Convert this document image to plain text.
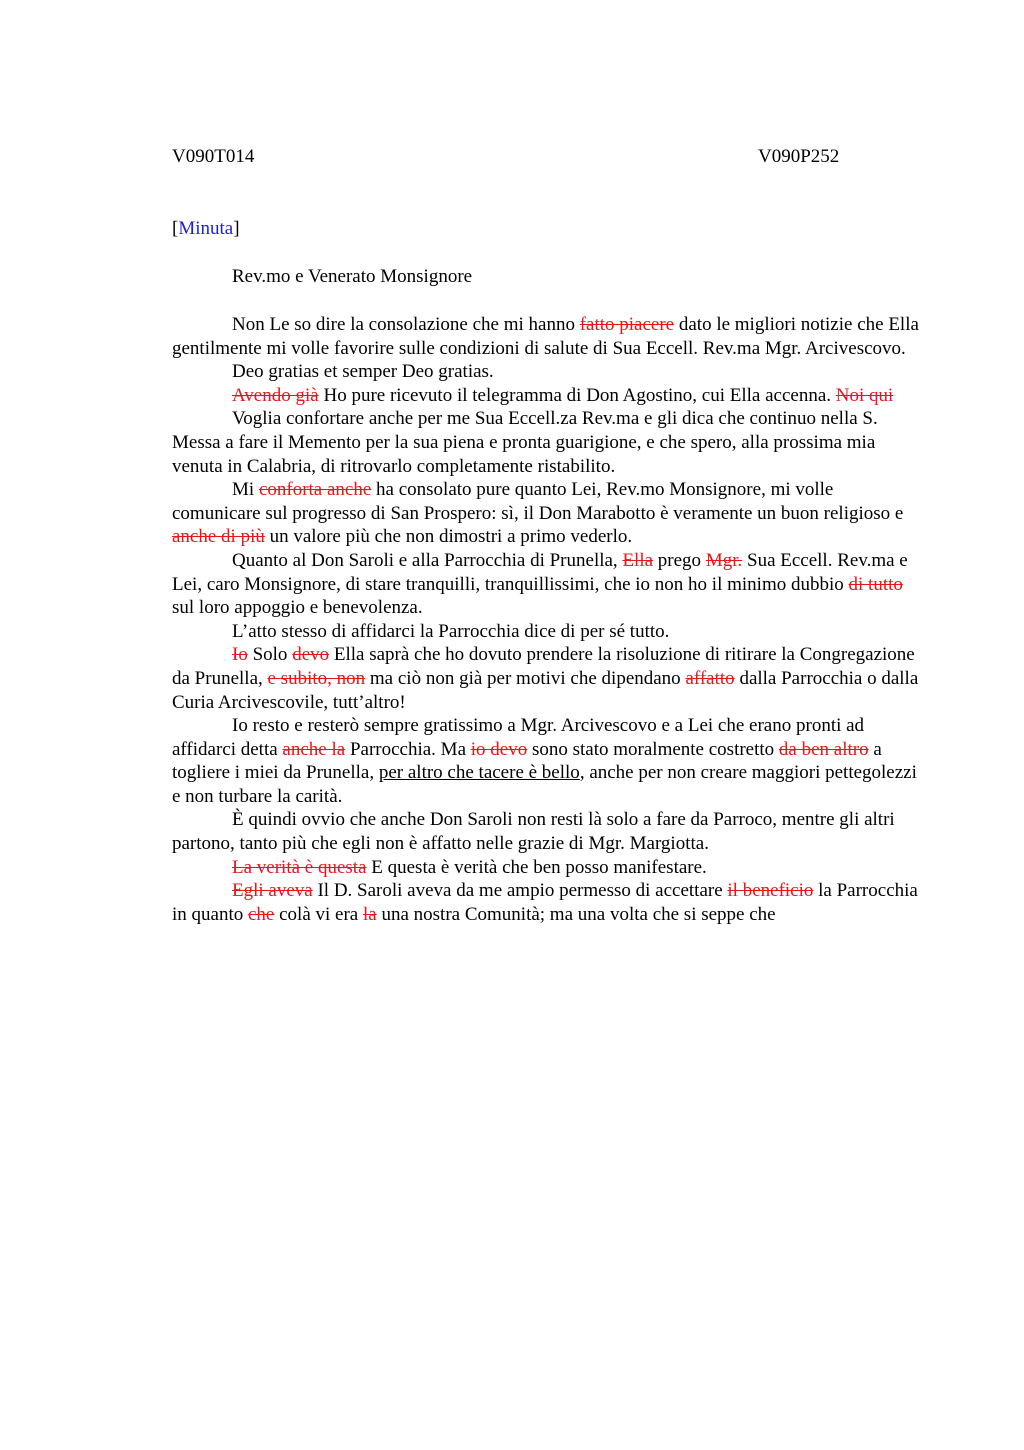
V090T014	V090P252
[Minuta]
Rev.mo e Venerato Monsignore

Non Le so dire la consolazione che mi hanno fatto piacere dato le migliori notizie che Ella gentilmente mi volle favorire sulle condizioni di salute di Sua Eccell. Rev.ma Mgr. Arcivescovo.

Deo gratias et semper Deo gratias.

Avendo già Ho pure ricevuto il telegramma di Don Agostino, cui Ella accenna. Noi qui

Voglia confortare anche per me Sua Eccell.za Rev.ma e gli dica che continuo nella S. Messa a fare il Memento per la sua piena e pronta guarigione, e che spero, alla prossima mia venuta in Calabria, di ritrovarlo completamente ristabilito.

Mi conforta anche ha consolato pure quanto Lei, Rev.mo Monsignore, mi volle comunicare sul progresso di San Prospero: sì, il Don Marabotto è veramente un buon religioso e anche di più un valore più che non dimostri a primo vederlo.

Quanto al Don Saroli e alla Parrocchia di Prunella, Ella prego Mgr. Sua Eccell. Rev.ma e Lei, caro Monsignore, di stare tranquilli, tranquillissimi, che io non ho il minimo dubbio di tutto sul loro appoggio e benevolenza.

L’atto stesso di affidarci la Parrocchia dice di per sé tutto.

Io Solo devo Ella saprà che ho dovuto prendere la risoluzione di ritirare la Congregazione da Prunella, e subito, non ma ciò non già per motivi che dipendano affatto dalla Parrocchia o dalla Curia Arcivescovile, tutt’altro!

Io resto e resterò sempre gratissimo a Mgr. Arcivescovo e a Lei che erano pronti ad affidarci detta anche la Parrocchia. Ma io devo sono stato moralmente costretto da ben altro a togliere i miei da Prunella, per altro che tacere è bello, anche per non creare maggiori pettegolezzi e non turbare la carità.

È quindi ovvio che anche Don Saroli non resti là solo a fare da Parroco, mentre gli altri partono, tanto più che egli non è affatto nelle grazie di Mgr. Margiotta.

La verità è questa E questa è verità che ben posso manifestare.

Egli aveva Il D. Saroli aveva da me ampio permesso di accettare il beneficio la Parrocchia in quanto che colà vi era la una nostra Comunità; ma una volta che si seppe che
